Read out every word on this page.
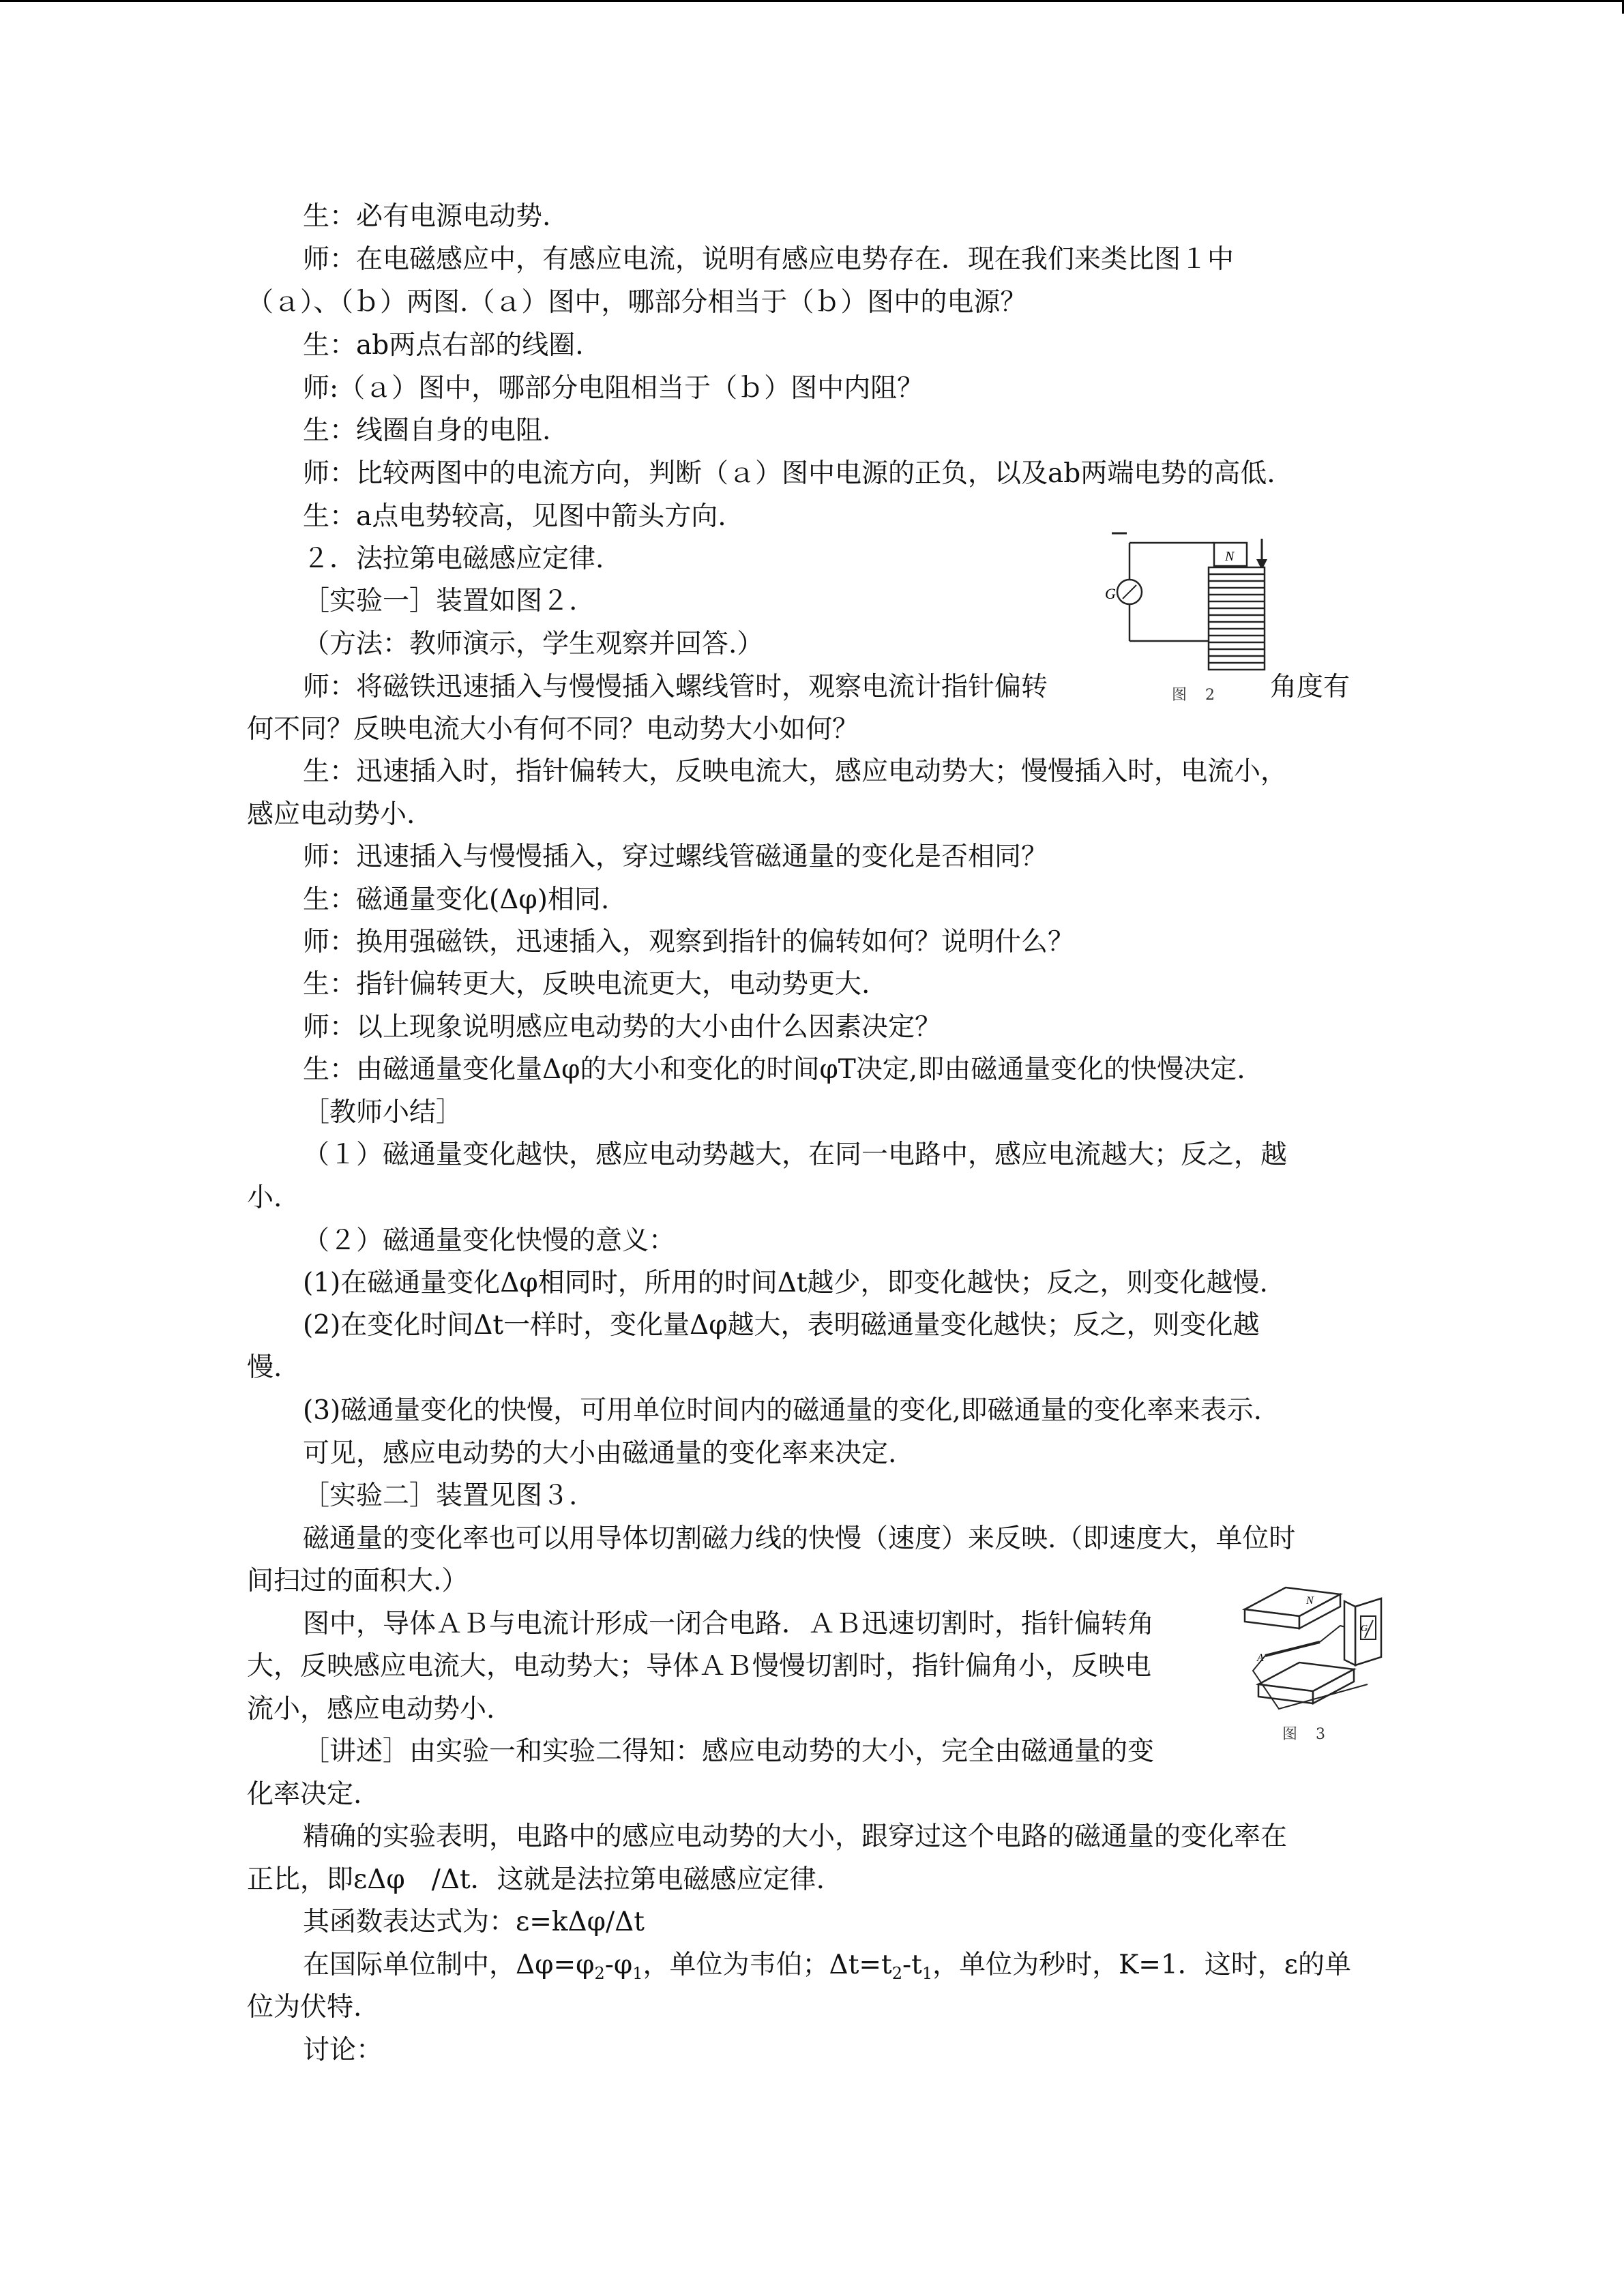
生：必有电源电动势.
师：在电磁感应中，有感应电流，说明有感应电势存在．现在我们来类比图１中
（ａ）、（ｂ）两图.（ａ）图中，哪部分相当于（ｂ）图中的电源？
生：ab两点右部的线圈.
师:（ａ）图中，哪部分电阻相当于（ｂ）图中内阻？
生：线圈自身的电阻.
师：比较两图中的电流方向，判断（ａ）图中电源的正负，以及ab两端电势的高低.
生：a点电势较高，见图中箭头方向.
２．法拉第电磁感应定律.
［实验一］装置如图２.
（方法：教师演示，学生观察并回答.）
师：将磁铁迅速插入与慢慢插入螺线管时，观察电流计指针偏转	角度有
何不同？反映电流大小有何不同？电动势大小如何？
生：迅速插入时，指针偏转大，反映电流大，感应电动势大；慢慢插入时，电流小，
感应电动势小.
师：迅速插入与慢慢插入，穿过螺线管磁通量的变化是否相同？
生：磁通量变化(Δφ)相同.
师：换用强磁铁，迅速插入，观察到指针的偏转如何？说明什么？
生：指针偏转更大，反映电流更大，电动势更大.
师：以上现象说明感应电动势的大小由什么因素决定？
生：由磁通量变化量Δφ的大小和变化的时间φT决定,即由磁通量变化的快慢决定.
［教师小结］
（１）磁通量变化越快，感应电动势越大，在同一电路中，感应电流越大；反之，越
小.
（２）磁通量变化快慢的意义：
(1)在磁通量变化Δφ相同时，所用的时间Δt越少，即变化越快；反之，则变化越慢.
(2)在变化时间Δt一样时，变化量Δφ越大，表明磁通量变化越快；反之，则变化越
慢.
(3)磁通量变化的快慢，可用单位时间内的磁通量的变化,即磁通量的变化率来表示.
可见，感应电动势的大小由磁通量的变化率来决定.
［实验二］装置见图３.
磁通量的变化率也可以用导体切割磁力线的快慢（速度）来反映.（即速度大，单位时
间扫过的面积大.）
图中，导体ＡＢ与电流计形成一闭合电路．ＡＢ迅速切割时，指针偏转角
大，反映感应电流大，电动势大；导体ＡＢ慢慢切割时，指针偏角小，反映电
流小，感应电动势小.
［讲述］由实验一和实验二得知：感应电动势的大小，完全由磁通量的变
化率决定.
精确的实验表明，电路中的感应电动势的大小，跟穿过这个电路的磁通量的变化率在
正比，即εΔφ　/Δt．这就是法拉第电磁感应定律.
其函数表达式为：ε=kΔφ/Δt
在国际单位制中，$\Delta\varphi=\varphi_2-\varphi_1$，单位为韦伯；$\Delta t=t_2-t_1$，单位为秒时，K=1．这时，ε的单
位为伏特.
讨论：
G
N
图 2
N
A
G
图 3
